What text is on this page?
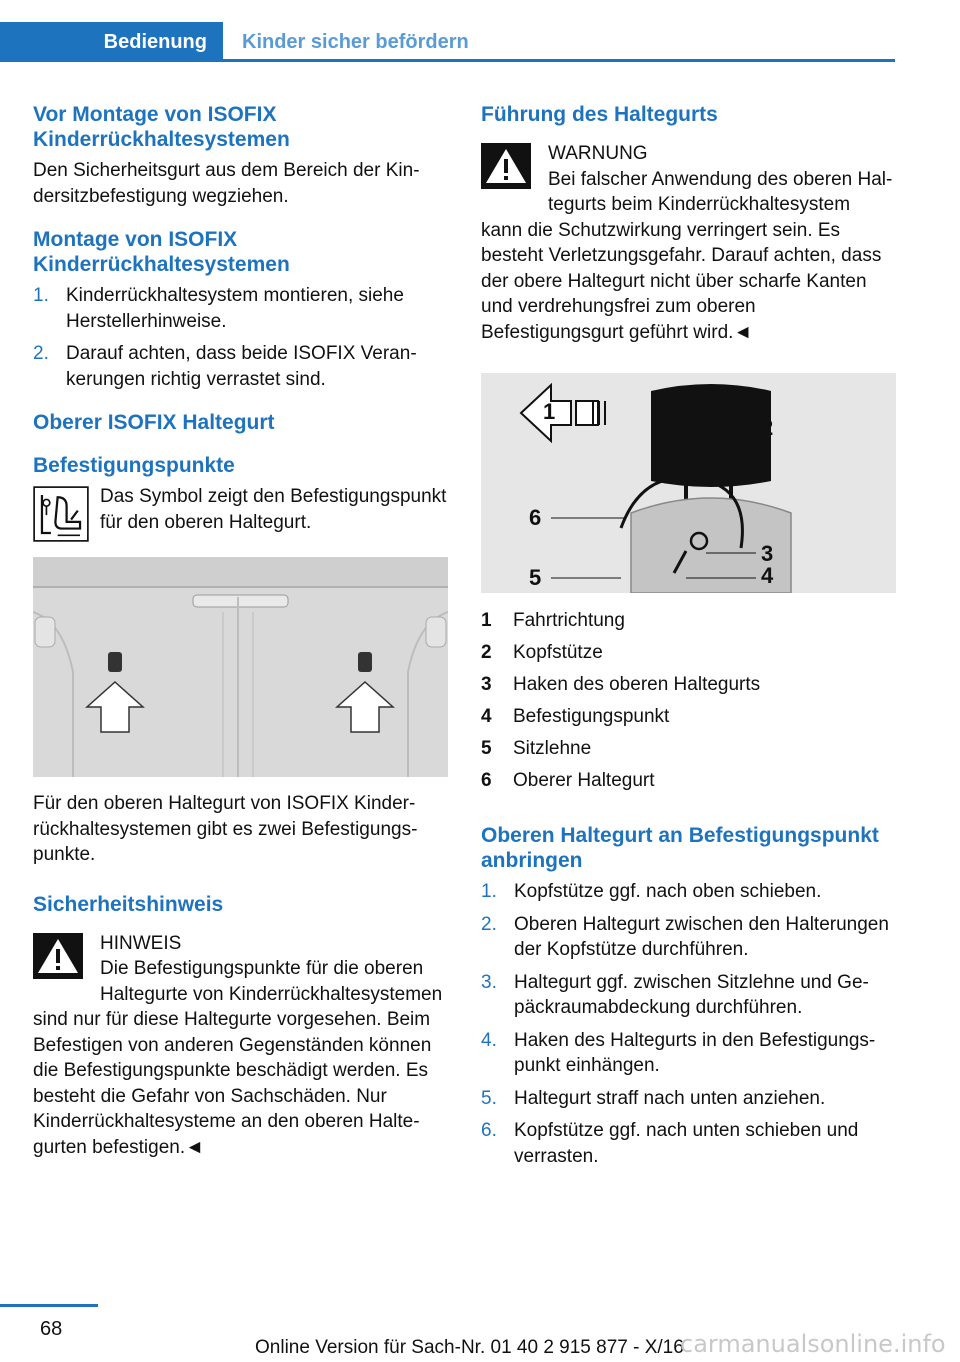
Bedienung	Kinder sicher befördern
Vor Montage von ISOFIX Kinderrückhaltesystemen

Den Sicherheitsgurt aus dem Bereich der Kindersitzbefestigung wegziehen.

Montage von ISOFIX Kinderrückhaltesystemen
1. Kinderrückhaltesystem montieren, siehe Herstellerhinweise.
2. Darauf achten, dass beide ISOFIX Verankerungen richtig verrastet sind.
Oberer ISOFIX Haltegurt
Befestigungspunkte
Das Symbol zeigt den Befestigungspunkt für den oberen Haltegurt.

Für den oberen Haltegurt von ISOFIX Kinderrückhaltesystemen gibt es zwei Befestigungspunkte.

Sicherheitshinweis
HINWEIS
Die Befestigungspunkte für die oberen Haltegurte von Kinderrückhaltesystemen sind nur für diese Haltegurte vorgesehen. Beim Befestigen von anderen Gegenständen können die Befestigungspunkte beschädigt werden. Es besteht die Gefahr von Sachschäden. Nur Kinderrückhaltesysteme an den oberen Haltegurten befestigen.◄
Führung des Haltegurts
WARNUNG
Bei falscher Anwendung des oberen Haltegurts beim Kinderrückhaltesystem kann die Schutzwirkung verringert sein. Es besteht Verletzungsgefahr. Darauf achten, dass der obere Haltegurt nicht über scharfe Kanten und verdrehungsfrei zum oberen Befestigungsgurt geführt wird.◄
1
2
3
4
5
6
1	Fahrtrichtung
2	Kopfstütze
3	Haken des oberen Haltegurts
4	Befestigungspunkt
5	Sitzlehne
6	Oberer Haltegurt
Oberen Haltegurt an Befestigungspunkt anbringen
1. Kopfstütze ggf. nach oben schieben.
2. Oberen Haltegurt zwischen den Halterungen der Kopfstütze durchführen.
3. Haltegurt ggf. zwischen Sitzlehne und Gepäckraumabdeckung durchführen.
4. Haken des Haltegurts in den Befestigungspunkt einhängen.
5. Haltegurt straff nach unten anziehen.
6. Kopfstütze ggf. nach unten schieben und verrasten.
68
Online Version für Sach-Nr. 01 40 2 915 877 - X/16
carmanualsonline.info
